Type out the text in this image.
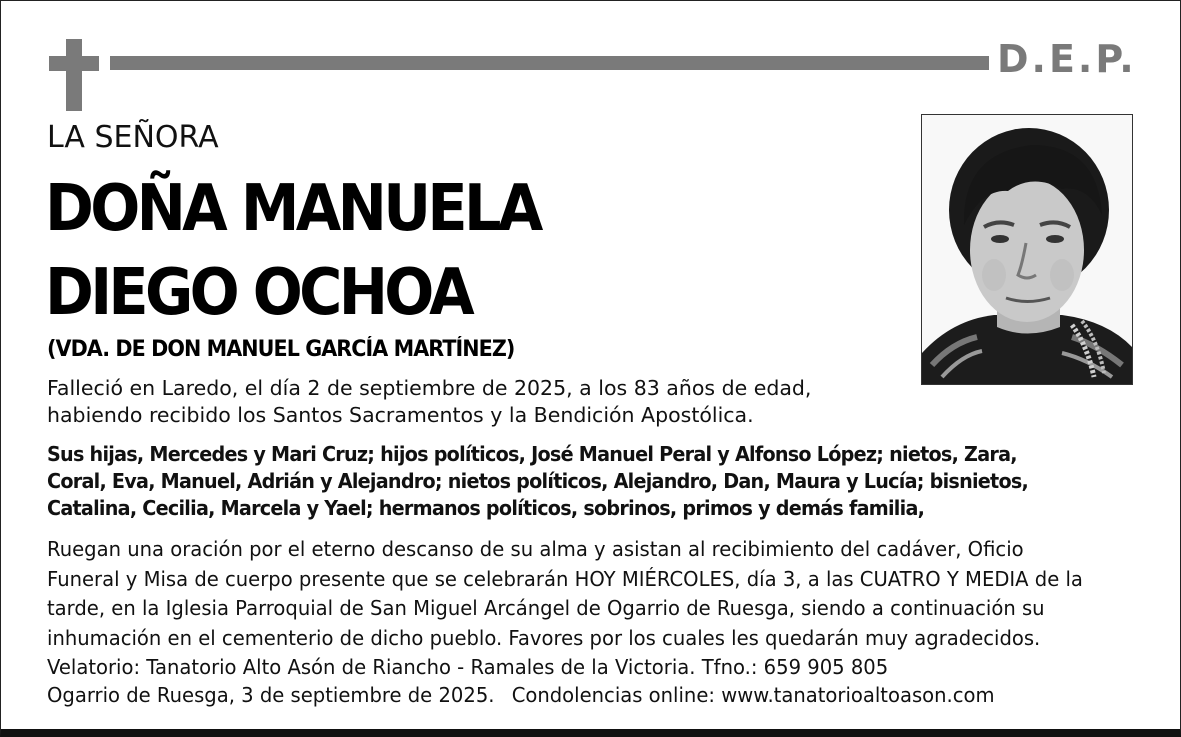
D.E.P.
LA SEÑORA
DOÑA MANUELA
DIEGO OCHOA
(VDA. DE DON MANUEL GARCÍA MARTÍNEZ)

Falleció en Laredo, el día 2 de septiembre de 2025, a los 83 años de edad, habiendo recibido los Santos Sacramentos y la Bendición Apostólica.

Sus hijas, Mercedes y Mari Cruz; hijos políticos, José Manuel Peral y Alfonso López; nietos, Zara, Coral, Eva, Manuel, Adrián y Alejandro; nietos políticos, Alejandro, Dan, Maura y Lucía; bisnietos, Catalina, Cecilia, Marcela y Yael; hermanos políticos, sobrinos, primos y demás familia,

Ruegan una oración por el eterno descanso de su alma y asistan al recibimiento del cadáver, Oficio Funeral y Misa de cuerpo presente que se celebrarán HOY MIÉRCOLES, día 3, a las CUATRO Y MEDIA de la tarde, en la Iglesia Parroquial de San Miguel Arcángel de Ogarrio de Ruesga, siendo a continuación su inhumación en el cementerio de dicho pueblo. Favores por los cuales les quedarán muy agradecidos. Velatorio: Tanatorio Alto Asón de Riancho - Ramales de la Victoria. Tfno.: 659 905 805

Ogarrio de Ruesga, 3 de septiembre de 2025. Condolencias online: www.tanatorioaltoason.com
